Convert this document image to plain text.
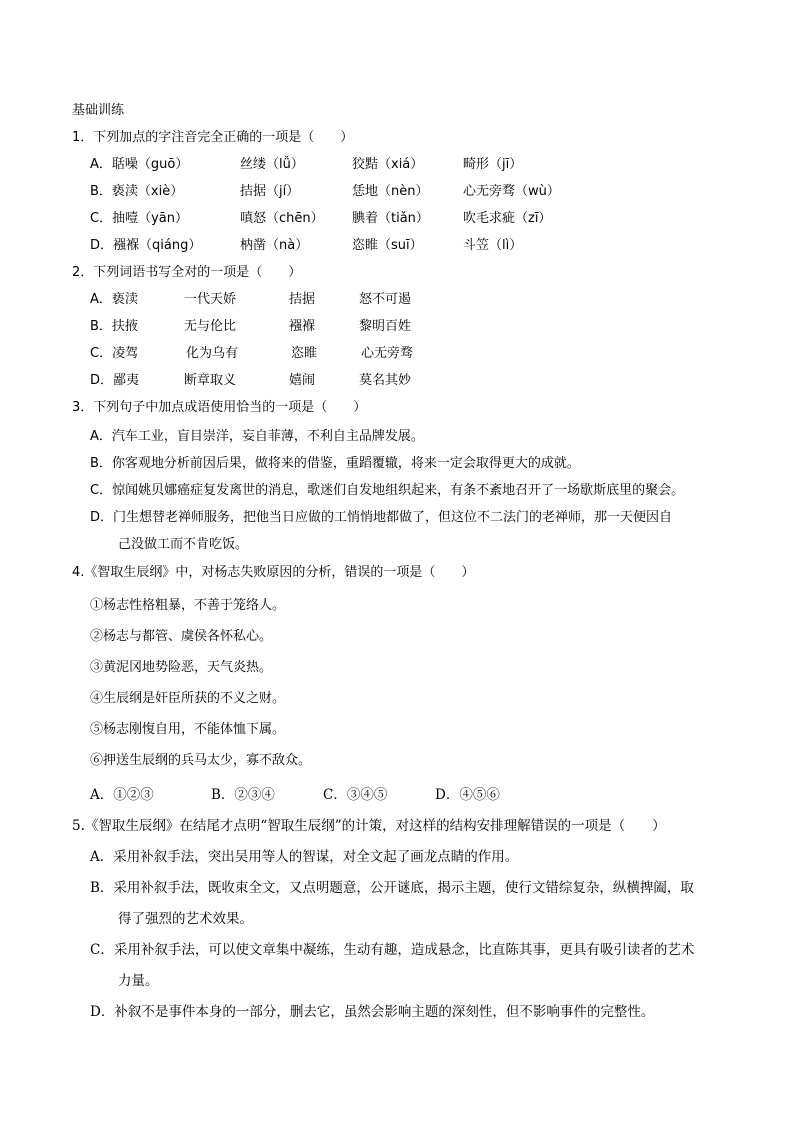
基础训练
1．下列加点的字注音完全正确的一项是（　　）
A．聒噪（guō）	丝缕（lǚ）	狡黠（xiá）	畸形（jī）
B．亵渎（xiè）	拮据（jí）	恁地（nèn）	心无旁骛（wù）
C．抽噎（yān）	嗔怒（chēn） 腆着（tiǎn）	吹毛求疵（zī）
D．襁褓（qiáng）	枘凿（nà）	恣睢（suī）	斗笠（lì）
2．下列词语书写全对的一项是（　　）
A．亵渎	一代天娇	拮据	怒不可遏
B．扶掖	无与伦比	襁褓	黎明百姓
C．凌驾	化为乌有	恣睢	心无旁骛
D．鄙夷	断章取义	嬉闹	莫名其妙
3．下列句子中加点成语使用恰当的一项是（　　）
A．汽车工业，盲目崇洋，妄自菲薄，不利自主品牌发展。
B．你客观地分析前因后果，做将来的借鉴，重蹈覆辙，将来一定会取得更大的成就。
C．惊闻姚贝娜癌症复发离世的消息，歌迷们自发地组织起来，有条不紊地召开了一场歇斯底里的聚会。
D．门生想替老禅师服务，把他当日应做的工悄悄地都做了，但这位不二法门的老禅师，那一天便因自
己没做工而不肯吃饭。
4.《智取生辰纲》中，对杨志失败原因的分析，错误的一项是（　　）
①杨志性格粗暴，不善于笼络人。
②杨志与都管、虞侯各怀私心。
③黄泥冈地势险恶，天气炎热。
④生辰纲是奸臣所获的不义之财。
⑤杨志刚愎自用，不能体恤下属。
⑥押送生辰纲的兵马太少，寡不敌众。
A．①②③	B．②③④	C．③④⑤	D．④⑤⑥
5.《智取生辰纲》在结尾才点明“智取生辰纲”的计策，对这样的结构安排理解错误的一项是（　　）
A．采用补叙手法，突出吴用等人的智谋，对全文起了画龙点睛的作用。
B．采用补叙手法，既收束全文，又点明题意，公开谜底，揭示主题，使行文错综复杂，纵横捭阖，取
得了强烈的艺术效果。
C．采用补叙手法，可以使文章集中凝练，生动有趣，造成悬念，比直陈其事，更具有吸引读者的艺术
力量。
D．补叙不是事件本身的一部分，删去它，虽然会影响主题的深刻性，但不影响事件的完整性。
